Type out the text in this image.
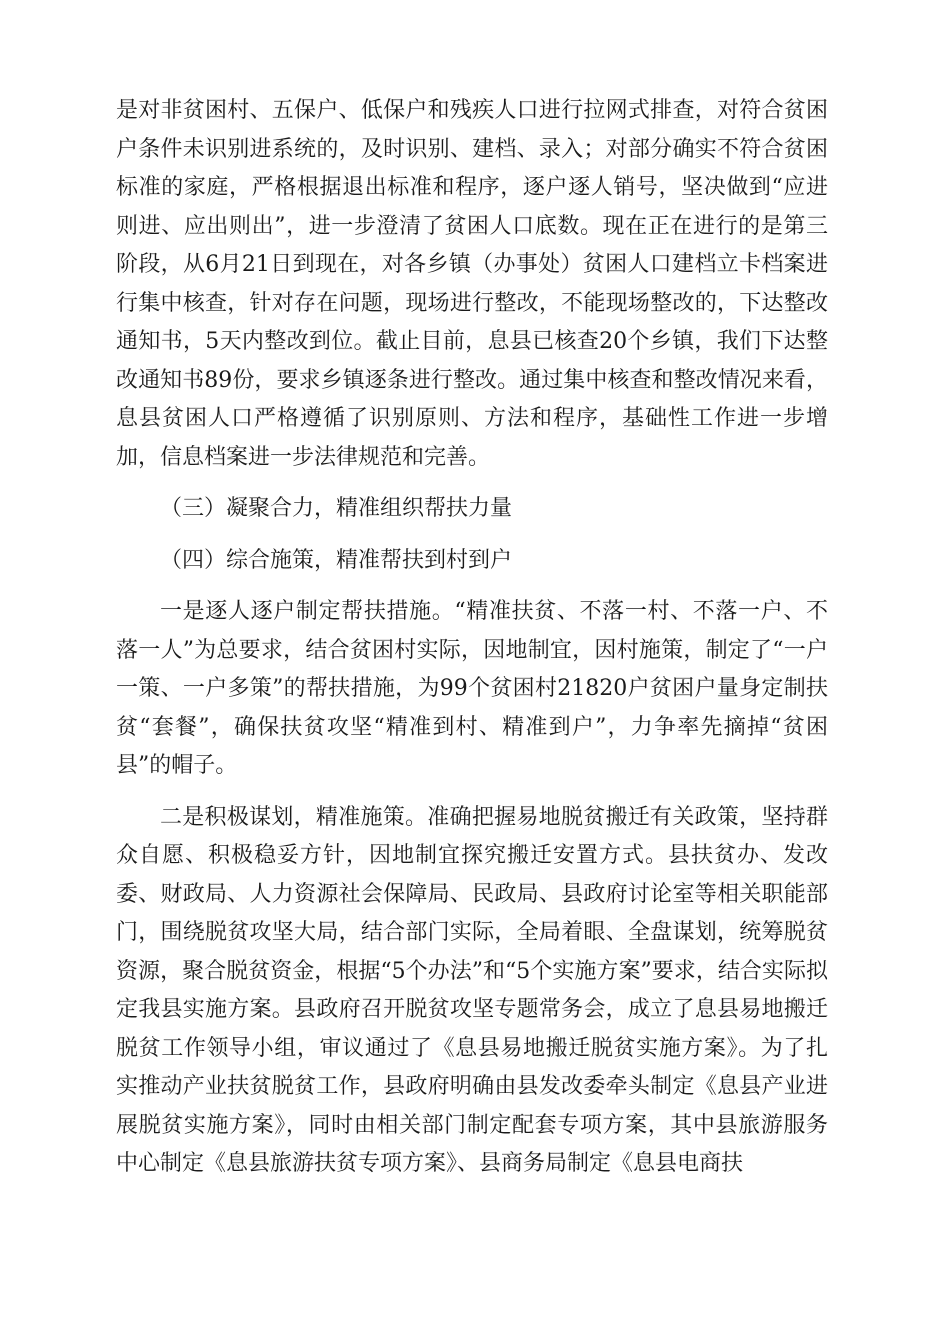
是对非贫困村、五保户、低保户和残疾人口进行拉网式排查，对符合贫困户条件未识别进系统的，及时识别、建档、录入；对部分确实不符合贫困标准的家庭，严格根据退出标准和程序，逐户逐人销号，坚决做到“应进则进、应出则出”，进一步澄清了贫困人口底数。现在正在进行的是第三阶段，从6月21日到现在，对各乡镇（办事处）贫困人口建档立卡档案进行集中核查，针对存在问题，现场进行整改，不能现场整改的，下达整改通知书，5天内整改到位。截止目前，息县已核查20个乡镇，我们下达整改通知书89份，要求乡镇逐条进行整改。通过集中核查和整改情况来看，息县贫困人口严格遵循了识别原则、方法和程序，基础性工作进一步增加，信息档案进一步法律规范和完善。

（三）凝聚合力，精准组织帮扶力量

（四）综合施策，精准帮扶到村到户

一是逐人逐户制定帮扶措施。“精准扶贫、不落一村、不落一户、不落一人”为总要求，结合贫困村实际，因地制宜，因村施策，制定了“一户一策、一户多策”的帮扶措施，为99个贫困村21820户贫困户量身定制扶贫“套餐”，确保扶贫攻坚“精准到村、精准到户”，力争率先摘掉“贫困县”的帽子。

二是积极谋划，精准施策。准确把握易地脱贫搬迁有关政策，坚持群众自愿、积极稳妥方针，因地制宜探究搬迁安置方式。县扶贫办、发改委、财政局、人力资源社会保障局、民政局、县政府讨论室等相关职能部门，围绕脱贫攻坚大局，结合部门实际，全局着眼、全盘谋划，统筹脱贫资源，聚合脱贫资金，根据“5个办法”和“5个实施方案”要求，结合实际拟定我县实施方案。县政府召开脱贫攻坚专题常务会，成立了息县易地搬迁脱贫工作领导小组，审议通过了《息县易地搬迁脱贫实施方案》。为了扎实推动产业扶贫脱贫工作，县政府明确由县发改委牵头制定《息县产业进展脱贫实施方案》，同时由相关部门制定配套专项方案，其中县旅游服务中心制定《息县旅游扶贫专项方案》、县商务局制定《息县电商扶
